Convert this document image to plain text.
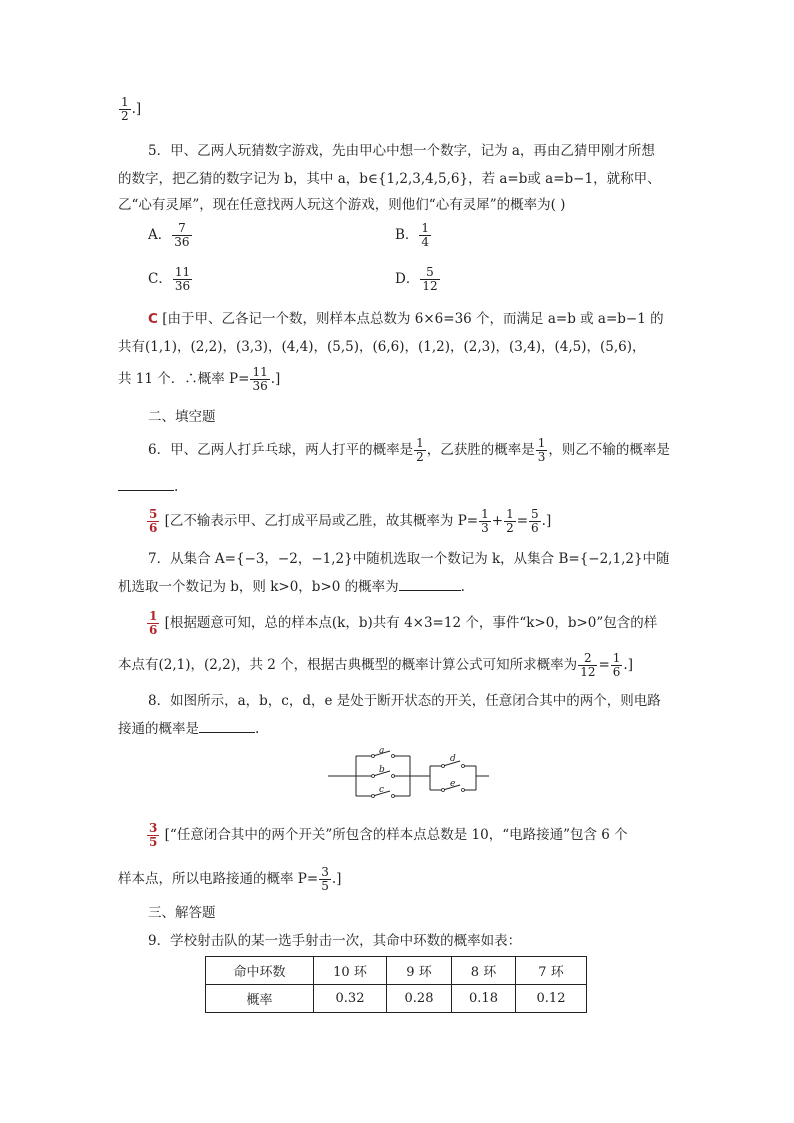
$\frac{1}{2}$ .]
5．甲、乙两人玩猜数字游戏，先由甲心中想一个数字，记为 a，再由乙猜甲刚才所想
的数字，把乙猜的数字记为 b，其中 a，b∈{1,2,3,4,5,6}，若 a=b或 a=b−1，就称甲、
乙“心有灵犀”，现在任意找两人玩这个游戏，则他们“心有灵犀”的概率为( )
A． $\frac{7}{36}$	B． $\frac{1}{4}$
C． $\frac{11}{36}$	D． $\frac{5}{12}$
C [由于甲、乙各记一个数，则样本点总数为 6×6=36 个，而满足 a=b 或 a=b−1 的
共有(1,1)，(2,2)，(3,3)，(4,4)，(5,5)，(6,6)，(1,2)，(2,3)，(3,4)，(4,5)，(5,6)，
共 11 个．∴概率 $P= \frac{11}{36}$ .]
二、填空题
6．甲、乙两人打乒乓球，两人打平的概率是 $\frac{1}{2}$ ，乙获胜的概率是 $\frac{1}{3}$ ，则乙不输的概率是
.
$\frac{5}{6}$ [乙不输表示甲、乙打成平局或乙胜，故其概率为 $P= \frac{1}{3} + \frac{1}{2} = \frac{5}{6}$ .]
7．从集合 A={−3，−2，−1,2}中随机选取一个数记为 k，从集合 B={−2,1,2}中随
机选取一个数记为 b，则 k>0，b>0 的概率为	.
$\frac{1}{6}$ [根据题意可知，总的样本点(k，b)共有 4×3=12 个，事件“k>0，b>0”包含的样
本点有(2,1)，(2,2)，共 2 个，根据古典概型的概率计算公式可知所求概率为 $\frac{2}{12} = \frac{1}{6}$ .]
8．如图所示，a，b，c，d，e 是处于断开状态的开关，任意闭合其中的两个，则电路
接通的概率是	.
a
b
c
d
e
$\frac{3}{5}$ [“任意闭合其中的两个开关”所包含的样本点总数是 10，“电路接通”包含 6 个
样本点，所以电路接通的概率 $P= \frac{3}{5}$ .]
三、解答题
9．学校射击队的某一选手射击一次，其命中环数的概率如表：
命中环数	10 环	9 环	8 环	7 环
概率	0.32	0.28	0.18	0.12
